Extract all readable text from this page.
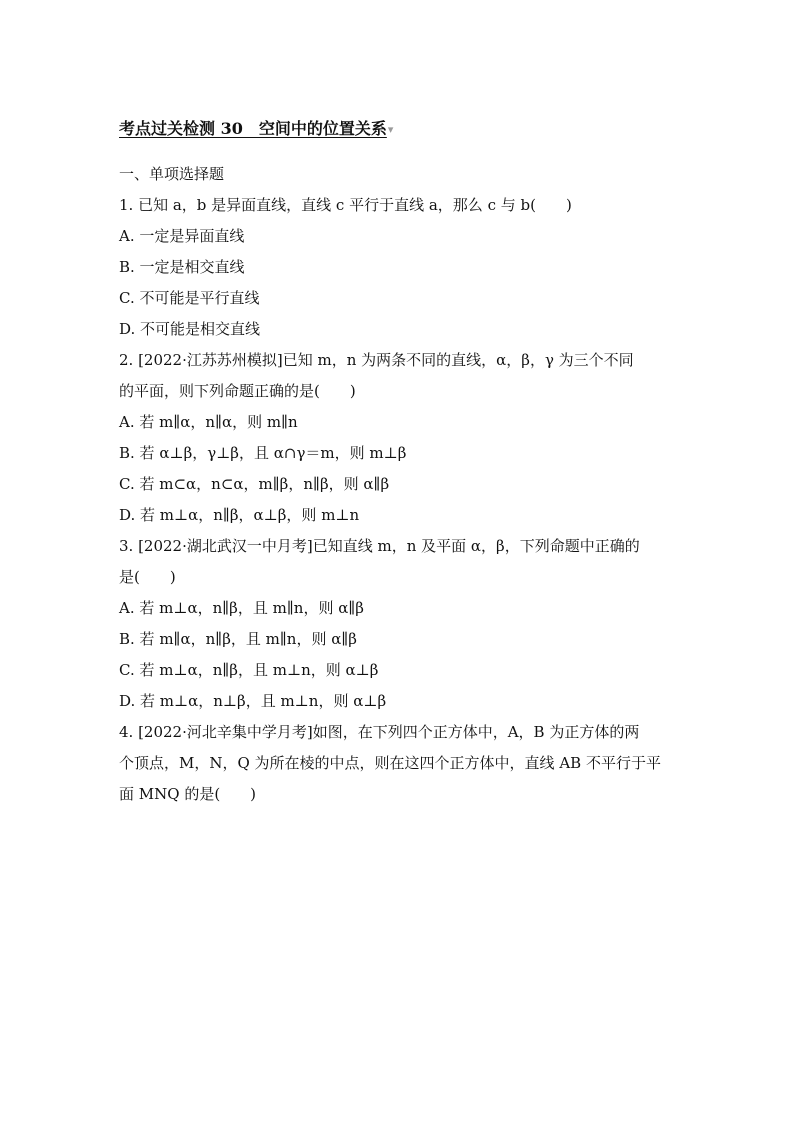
考点过关检测 30　空间中的位置关系▾
一、单项选择题
1. 已知 a，b 是异面直线，直线 c 平行于直线 a，那么 c 与 b(　　)
A. 一定是异面直线
B. 一定是相交直线
C. 不可能是平行直线
D. 不可能是相交直线
2. [2022·江苏苏州模拟]已知 m，n 为两条不同的直线，α，β，γ 为三个不同
的平面，则下列命题正确的是(　　)
A. 若 m∥α，n∥α，则 m∥n
B. 若 α⊥β，γ⊥β，且 α∩γ＝m，则 m⊥β
C. 若 m⊂α，n⊂α，m∥β，n∥β，则 α∥β
D. 若 m⊥α，n∥β，α⊥β，则 m⊥n
3. [2022·湖北武汉一中月考]已知直线 m，n 及平面 α，β，下列命题中正确的
是(　　)
A. 若 m⊥α，n∥β，且 m∥n，则 α∥β
B. 若 m∥α，n∥β，且 m∥n，则 α∥β
C. 若 m⊥α，n∥β，且 m⊥n，则 α⊥β
D. 若 m⊥α，n⊥β，且 m⊥n，则 α⊥β
4. [2022·河北辛集中学月考]如图，在下列四个正方体中，A，B 为正方体的两
个顶点，M，N，Q 为所在棱的中点，则在这四个正方体中，直线 AB 不平行于平
面 MNQ 的是(　　)
